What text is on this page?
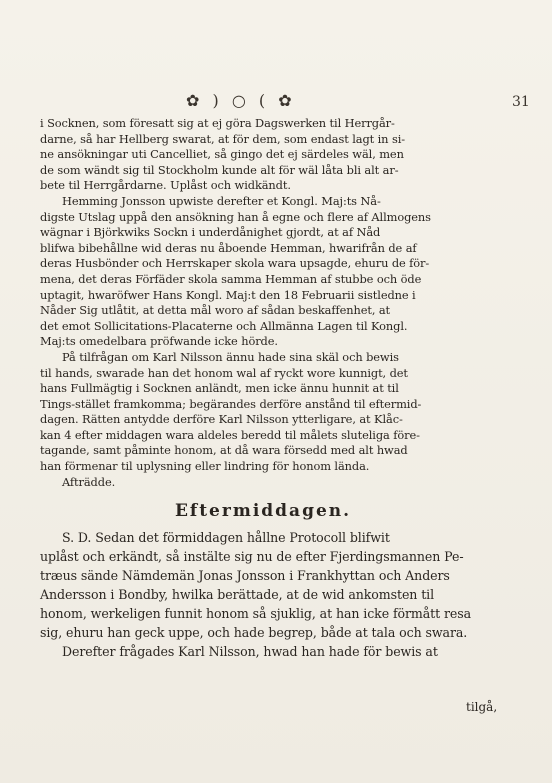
✿ ) ○ ( ✿	31
i Socknen, som föresatt sig at ej göra Dagswerken til Herrgår-
darne, så har Hellberg swarat, at för dem, som endast lagt in si-
ne ansökningar uti Cancelliet, så gingo det ej särdeles wäl, men
de som wändt sig til Stockholm kunde alt för wäl låta bli alt ar-
bete til Herrgårdarne. Uplåst och widkändt.
Hemming Jonsson upwiste derefter et Kongl. Maj:ts Nå-
digste Utslag uppå den ansökning han å egne och flere af Allmogens
wägnar i Björkwiks Sockn i underdånighet gjordt, at af Nåd
blifwa bibehållne wid deras nu åboende Hemman, hwarifrån de af
deras Husbönder och Herrskaper skola wara upsagde, ehuru de för-
mena, det deras Förfäder skola samma Hemman af stubbe och öde
uptagit, hwaröfwer Hans Kongl. Maj:t den 18 Februarii sistledne i
Nåder Sig utlåtit, at detta mål woro af sådan beskaffenhet, at
det emot Sollicitations-Placaterne och Allmänna Lagen til Kongl.
Maj:ts omedelbara pröfwande icke hörde.
På tilfrågan om Karl Nilsson ännu hade sina skäl och bewis
til hands, swarade han det honom wal af ryckt wore kunnigt, det
hans Fullmägtig i Socknen anländt, men icke ännu hunnit at til
Tings-stället framkomma; begärandes derföre anstånd til eftermid-
dagen. Rätten antydde derföre Karl Nilsson ytterligare, at Klåc-
kan 4 efter middagen wara aldeles beredd til målets sluteliga före-
tagande, samt påminte honom, at då wara försedd med alt hwad
han förmenar til uplysning eller lindring för honom lända.
Afträdde.
Eftermiddagen.
S. D. Sedan det förmiddagen hållne Protocoll blifwit
uplåst och erkändt, så instälte sig nu de efter Fjerdingsmannen Pe-
træus sände Nämdemän Jonas Jonsson i Frankhyttan och Anders
Andersson i Bondby, hwilka berättade, at de wid ankomsten til
honom, werkeligen funnit honom så sjuklig, at han icke förmått resa
sig, ehuru han geck uppe, och hade begrep, både at tala och swara.
Derefter frågades Karl Nilsson, hwad han hade för bewis at
tilgå,
